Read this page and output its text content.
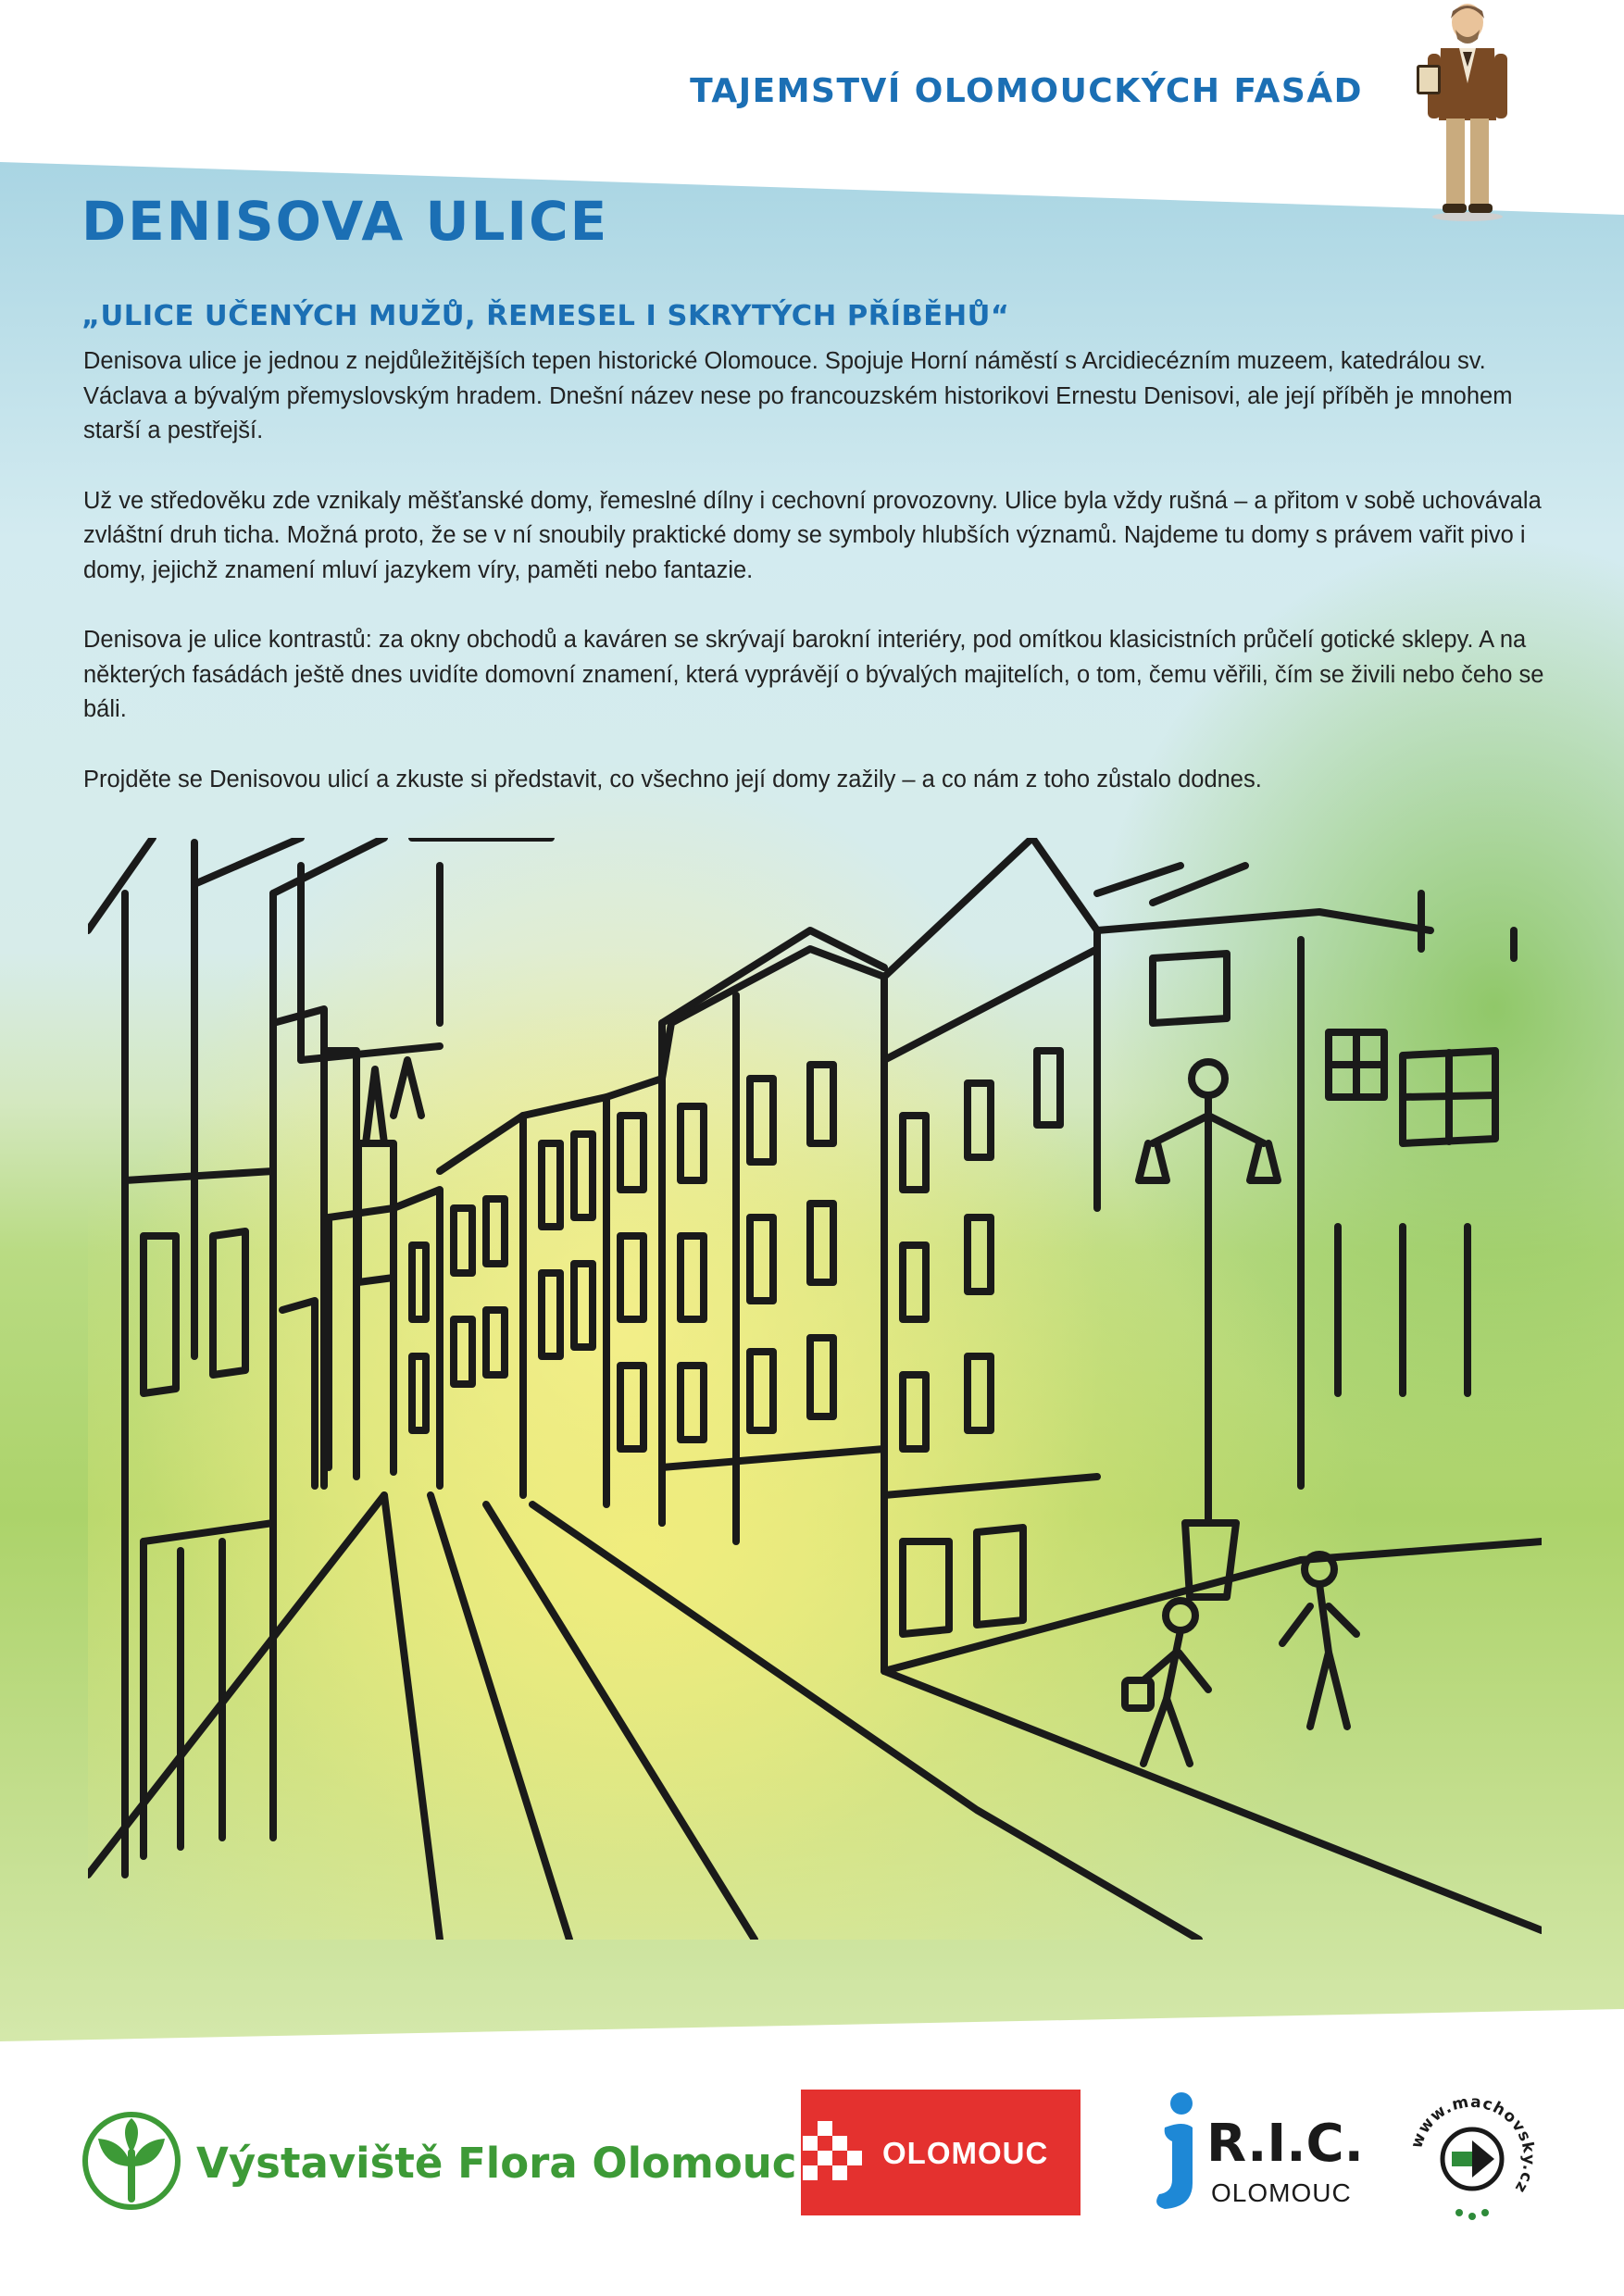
TAJEMSTVÍ OLOMOUCKÝCH FASÁD
DENISOVA ULICE
„ULICE UČENÝCH MUŽŮ, ŘEMESEL I SKRYTÝCH PŘÍBĚHŮ“

Denisova ulice je jednou z nejdůležitějších tepen historické Olomouce. Spojuje Horní náměstí s Arcidiecézním muzeem, katedrálou sv. Václava a bývalým přemyslovským hradem. Dnešní název nese po francouzském historikovi Ernestu Denisovi, ale její příběh je mnohem starší a pestřejší.

Už ve středověku zde vznikaly měšťanské domy, řemeslné dílny i cechovní provozovny. Ulice byla vždy rušná – a přitom v sobě uchovávala zvláštní druh ticha. Možná proto, že se v ní snoubily praktické domy se symboly hlubších významů. Najdeme tu domy s právem vařit pivo i domy, jejichž znamení mluví jazykem víry, paměti nebo fantazie.

Denisova je ulice kontrastů: za okny obchodů a kaváren se skrývají barokní interiéry, pod omítkou klasicistních průčelí gotické sklepy. A na některých fasádách ještě dnes uvidíte domovní znamení, která vyprávějí o bývalých majitelích, o tom, čemu věřili, čím se živili nebo čeho se báli.

Projděte se Denisovou ulicí a zkuste si představit, co všechno její domy zažily – a co nám z toho zůstalo dodnes.

Výstaviště Flora Olomouc	OLOMOUC	R.I.C.
OLOMOUC
www.machovsky.cz
